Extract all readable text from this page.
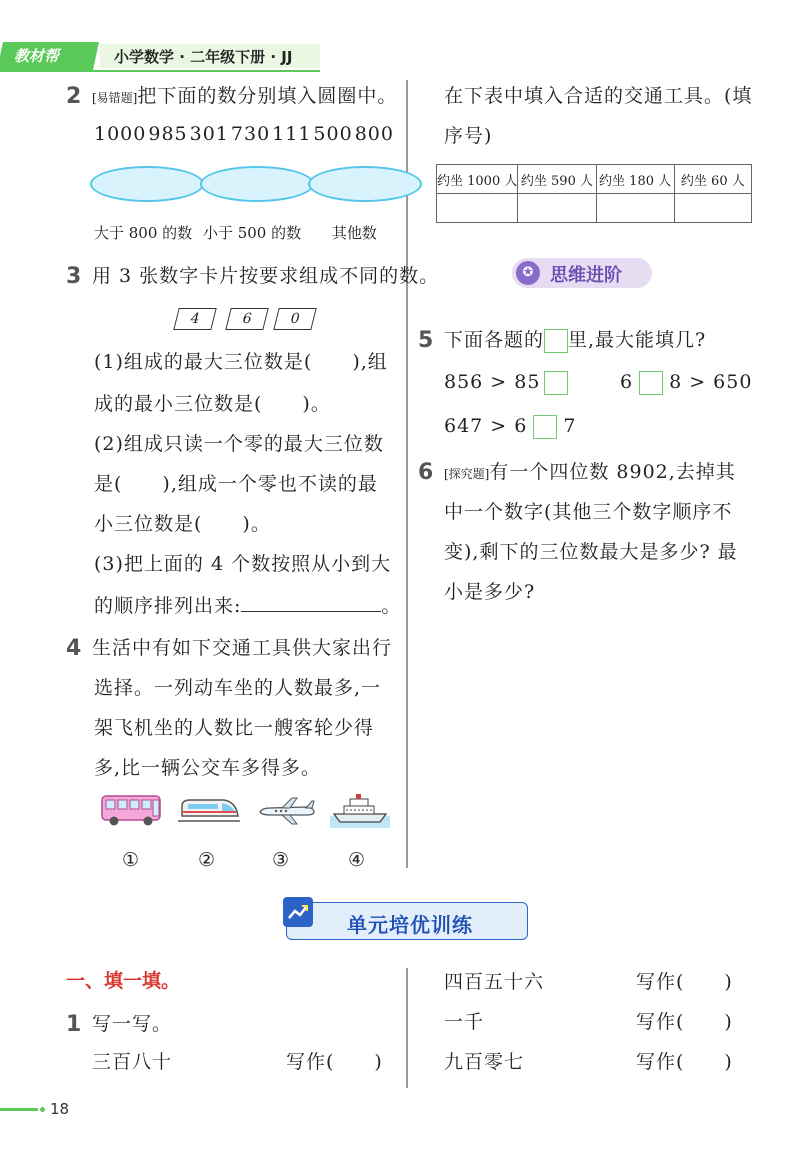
教材帮	小学数学 · 二年级下册 · JJ
2 [易错题]把下面的数分别填入圆圈中。
1000 985 301 730 111 500 800
大于 800 的数 小于 500 的数 其他数
3 用 3 张数字卡片按要求组成不同的数。
4	6	0
(1)组成的最大三位数是(　　),组
成的最小三位数是(　　)。
(2)组成只读一个零的最大三位数
是(　　),组成一个零也不读的最
小三位数是(　　)。
(3)把上面的 4 个数按照从小到大
的顺序排列出来:	。
4 生活中有如下交通工具供大家出行
选择。一列动车坐的人数最多,一
架飞机坐的人数比一艘客轮少得
多,比一辆公交车多得多。
①	②	③	④
在下表中填入合适的交通工具。(填
序号)
约坐 1000 人	约坐 590 人	约坐 180 人	约坐 60 人

✪ 思维进阶
5 下面各题的 里,最大能填几?
856 > 85	6 8 > 650
647 > 6 7
6 [探究题]有一个四位数 8902,去掉其
中一个数字(其他三个数字顺序不
变),剩下的三位数最大是多少? 最
小是多少?
单元培优训练
一、填一填。
1 写一写。
三百八十	写作(　　)
四百五十六	写作(　　)
一千	写作(　　)
九百零七	写作(　　)
18
